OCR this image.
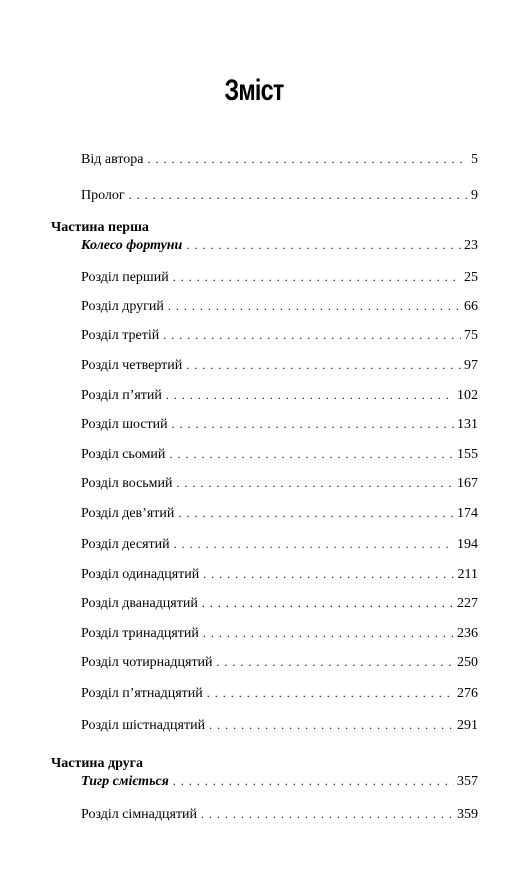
Зміст
Від автора . . .	5
Пролог . . .	9
Частина перша
Колесо фортуни . . .	23
Розділ перший . . .	25
Розділ другий . . .	66
Розділ третій . . .	75
Розділ четвертий . . .	97
Розділ п’ятий . . .	102
Розділ шостий . . .	131
Розділ сьомий . . .	155
Розділ восьмий . . .	167
Розділ дев’ятий . . .	174
Розділ десятий . . .	194
Розділ одинадцятий . . .	211
Розділ дванадцятий . . .	227
Розділ тринадцятий . . .	236
Розділ чотирнадцятий . . .	250
Розділ п’ятнадцятий . . .	276
Розділ шістнадцятий . . .	291
Частина друга
Тигр сміється . . .	357
Розділ сімнадцятий . . .	359
